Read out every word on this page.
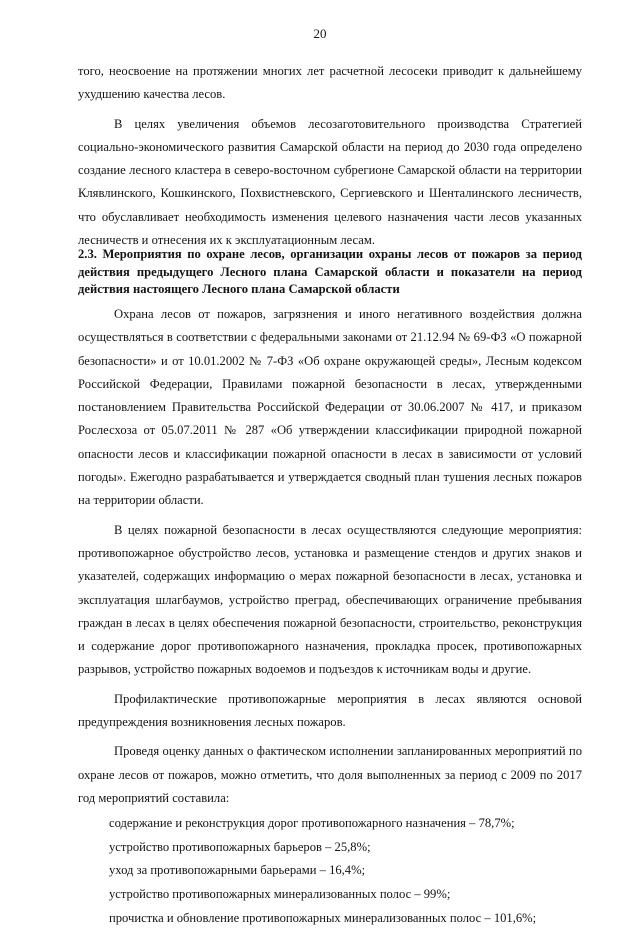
20

того, неосвоение на протяжении многих лет расчетной лесосеки приводит к дальнейшему ухудшению качества лесов.

В целях увеличения объемов лесозаготовительного производства Стратегией социально-экономического развития Самарской области на период до 2030 года определено создание лесного кластера в северо-восточном субрегионе Самарской области на территории Клявлинского, Кошкинского, Похвистневского, Сергиевского и Шенталинского лесничеств, что обуславливает необходимость изменения целевого назначения части лесов указанных лесничеств и отнесения их к эксплуатационным лесам.

2.3. Мероприятия по охране лесов, организации охраны лесов от пожаров за период действия предыдущего Лесного плана Самарской области и показатели на период действия настоящего Лесного плана Самарской области

Охрана лесов от пожаров, загрязнения и иного негативного воздействия должна осуществляться в соответствии с федеральными законами от 21.12.94 № 69-ФЗ «О пожарной безопасности» и от 10.01.2002 № 7-ФЗ «Об охране окружающей среды», Лесным кодексом Российской Федерации, Правилами пожарной безопасности в лесах, утвержденными постановлением Правительства Российской Федерации от 30.06.2007 № 417, и приказом Рослесхоза от 05.07.2011 № 287 «Об утверждении классификации природной пожарной опасности лесов и классификации пожарной опасности в лесах в зависимости от условий погоды». Ежегодно разрабатывается и утверждается сводный план тушения лесных пожаров на территории области.

В целях пожарной безопасности в лесах осуществляются следующие мероприятия: противопожарное обустройство лесов, установка и размещение стендов и других знаков и указателей, содержащих информацию о мерах пожарной безопасности в лесах, установка и эксплуатация шлагбаумов, устройство преград, обеспечивающих ограничение пребывания граждан в лесах в целях обеспечения пожарной безопасности, строительство, реконструкция и содержание дорог противопожарного назначения, прокладка просек, противопожарных разрывов, устройство пожарных водоемов и подъездов к источникам воды и другие.

Профилактические противопожарные мероприятия в лесах являются основой предупреждения возникновения лесных пожаров.

Проведя оценку данных о фактическом исполнении запланированных мероприятий по охране лесов от пожаров, можно отметить, что доля выполненных за период с 2009 по 2017 год мероприятий составила:

содержание и реконструкция дорог противопожарного назначения – 78,7%;
устройство противопожарных барьеров – 25,8%;
уход за противопожарными барьерами – 16,4%;
устройство противопожарных минерализованных полос – 99%;
прочистка и обновление противопожарных минерализованных полос – 101,6%;
